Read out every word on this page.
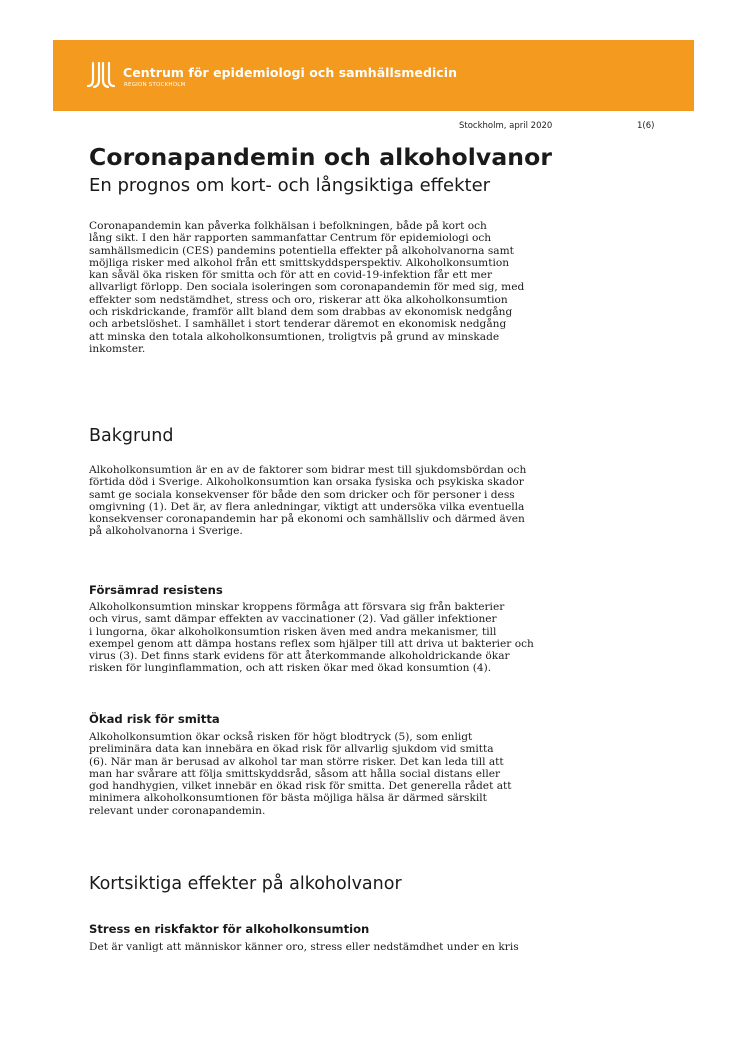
Centrum för epidemiologi och samhällsmedicin
REGION STOCKHOLM
Stockholm, april 2020	1(6)
Coronapandemin och alkoholvanor
En prognos om kort- och långsiktiga effekter
Coronapandemin kan påverka folkhälsan i befolkningen, både på kort och
lång sikt. I den här rapporten sammanfattar Centrum för epidemiologi och
samhällsmedicin (CES) pandemins potentiella effekter på alkoholvanorna samt
möjliga risker med alkohol från ett smittskyddsperspektiv. Alkoholkonsumtion
kan såväl öka risken för smitta och för att en covid-19-infektion får ett mer
allvarligt förlopp. Den sociala isoleringen som coronapandemin för med sig, med
effekter som nedstämdhet, stress och oro, riskerar att öka alkoholkonsumtion
och riskdrickande, framför allt bland dem som drabbas av ekonomisk nedgång
och arbetslöshet. I samhället i stort tenderar däremot en ekonomisk nedgång
att minska den totala alkoholkonsumtionen, troligtvis på grund av minskade
inkomster.
Bakgrund
Alkoholkonsumtion är en av de faktorer som bidrar mest till sjukdomsbördan och
förtida död i Sverige. Alkoholkonsumtion kan orsaka fysiska och psykiska skador
samt ge sociala konsekvenser för både den som dricker och för personer i dess
omgivning (1). Det är, av flera anledningar, viktigt att undersöka vilka eventuella
konsekvenser coronapandemin har på ekonomi och samhällsliv och därmed även
på alkoholvanorna i Sverige.
Försämrad resistens
Alkoholkonsumtion minskar kroppens förmåga att försvara sig från bakterier
och virus, samt dämpar effekten av vaccinationer (2). Vad gäller infektioner
i lungorna, ökar alkoholkonsumtion risken även med andra mekanismer, till
exempel genom att dämpa hostans reflex som hjälper till att driva ut bakterier och
virus (3). Det finns stark evidens för att återkommande alkoholdrickande ökar
risken för lunginflammation, och att risken ökar med ökad konsumtion (4).
Ökad risk för smitta
Alkoholkonsumtion ökar också risken för högt blodtryck (5), som enligt
preliminära data kan innebära en ökad risk för allvarlig sjukdom vid smitta
(6). När man är berusad av alkohol tar man större risker. Det kan leda till att
man har svårare att följa smittskyddsråd, såsom att hålla social distans eller
god handhygien, vilket innebär en ökad risk för smitta. Det generella rådet att
minimera alkoholkonsumtionen för bästa möjliga hälsa är därmed särskilt
relevant under coronapandemin.
Kortsiktiga effekter på alkoholvanor
Stress en riskfaktor för alkoholkonsumtion
Det är vanligt att människor känner oro, stress eller nedstämdhet under en kris
